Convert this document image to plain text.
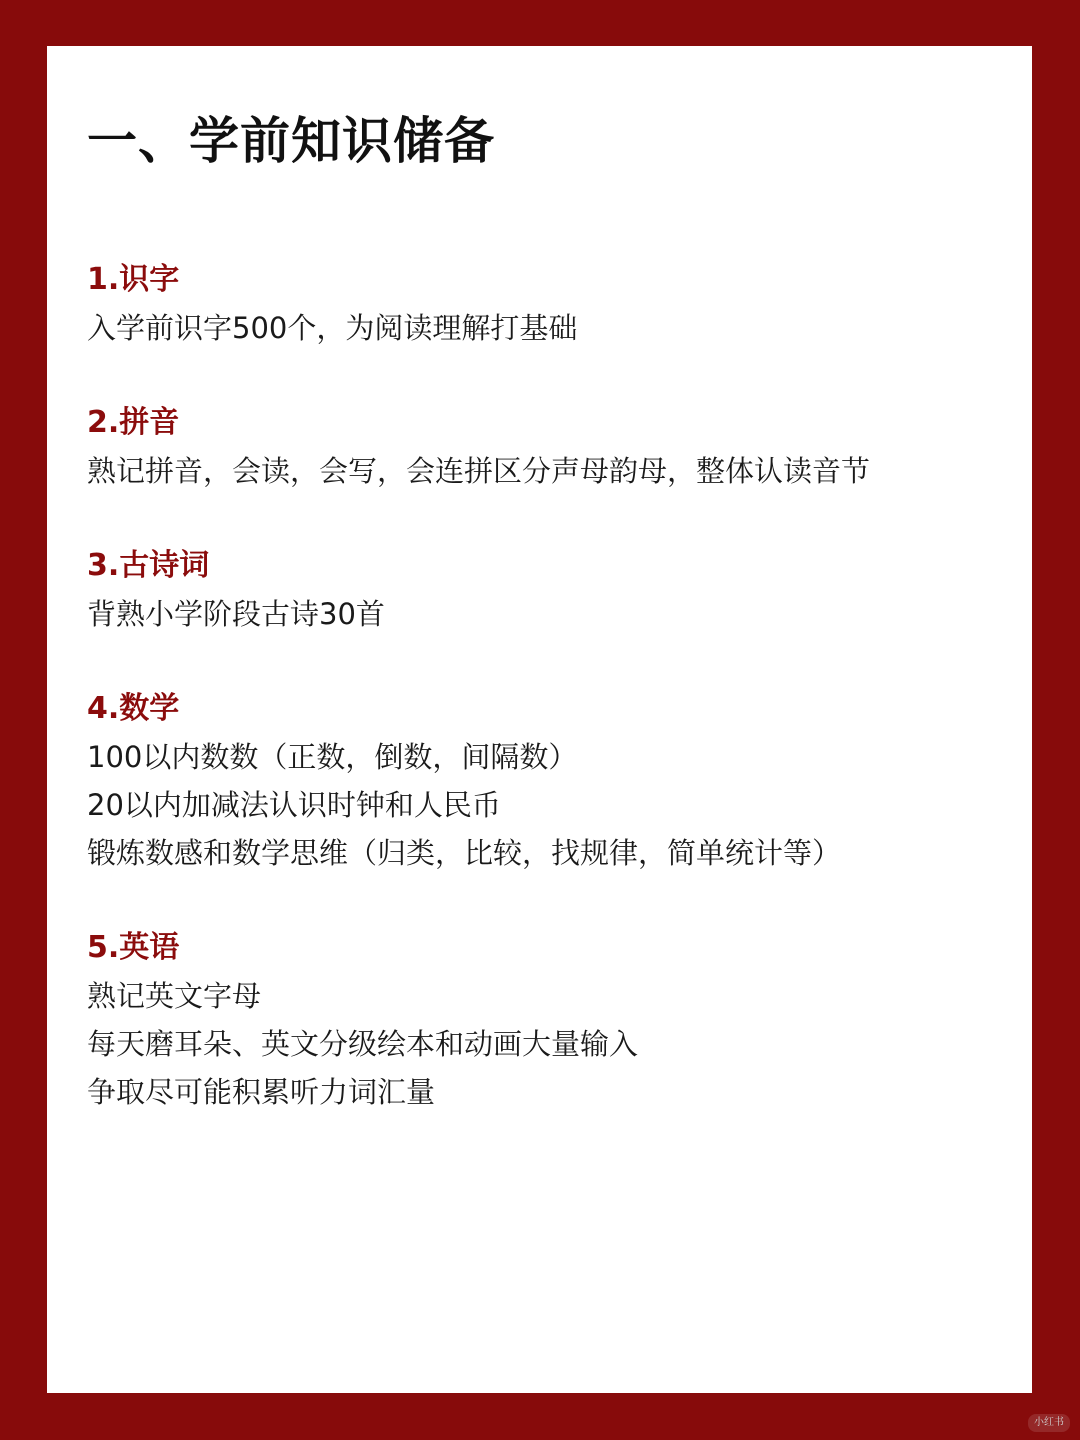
一、学前知识储备

1.识字

入学前识字500个，为阅读理解打基础

2.拼音

熟记拼音，会读，会写，会连拼区分声母韵母，整体认读音节

3.古诗词

背熟小学阶段古诗30首

4.数学

100以内数数（正数，倒数，间隔数）

20以内加减法认识时钟和人民币

锻炼数感和数学思维（归类，比较，找规律，简单统计等）

5.英语

熟记英文字母

每天磨耳朵、英文分级绘本和动画大量输入

争取尽可能积累听力词汇量

小红书
